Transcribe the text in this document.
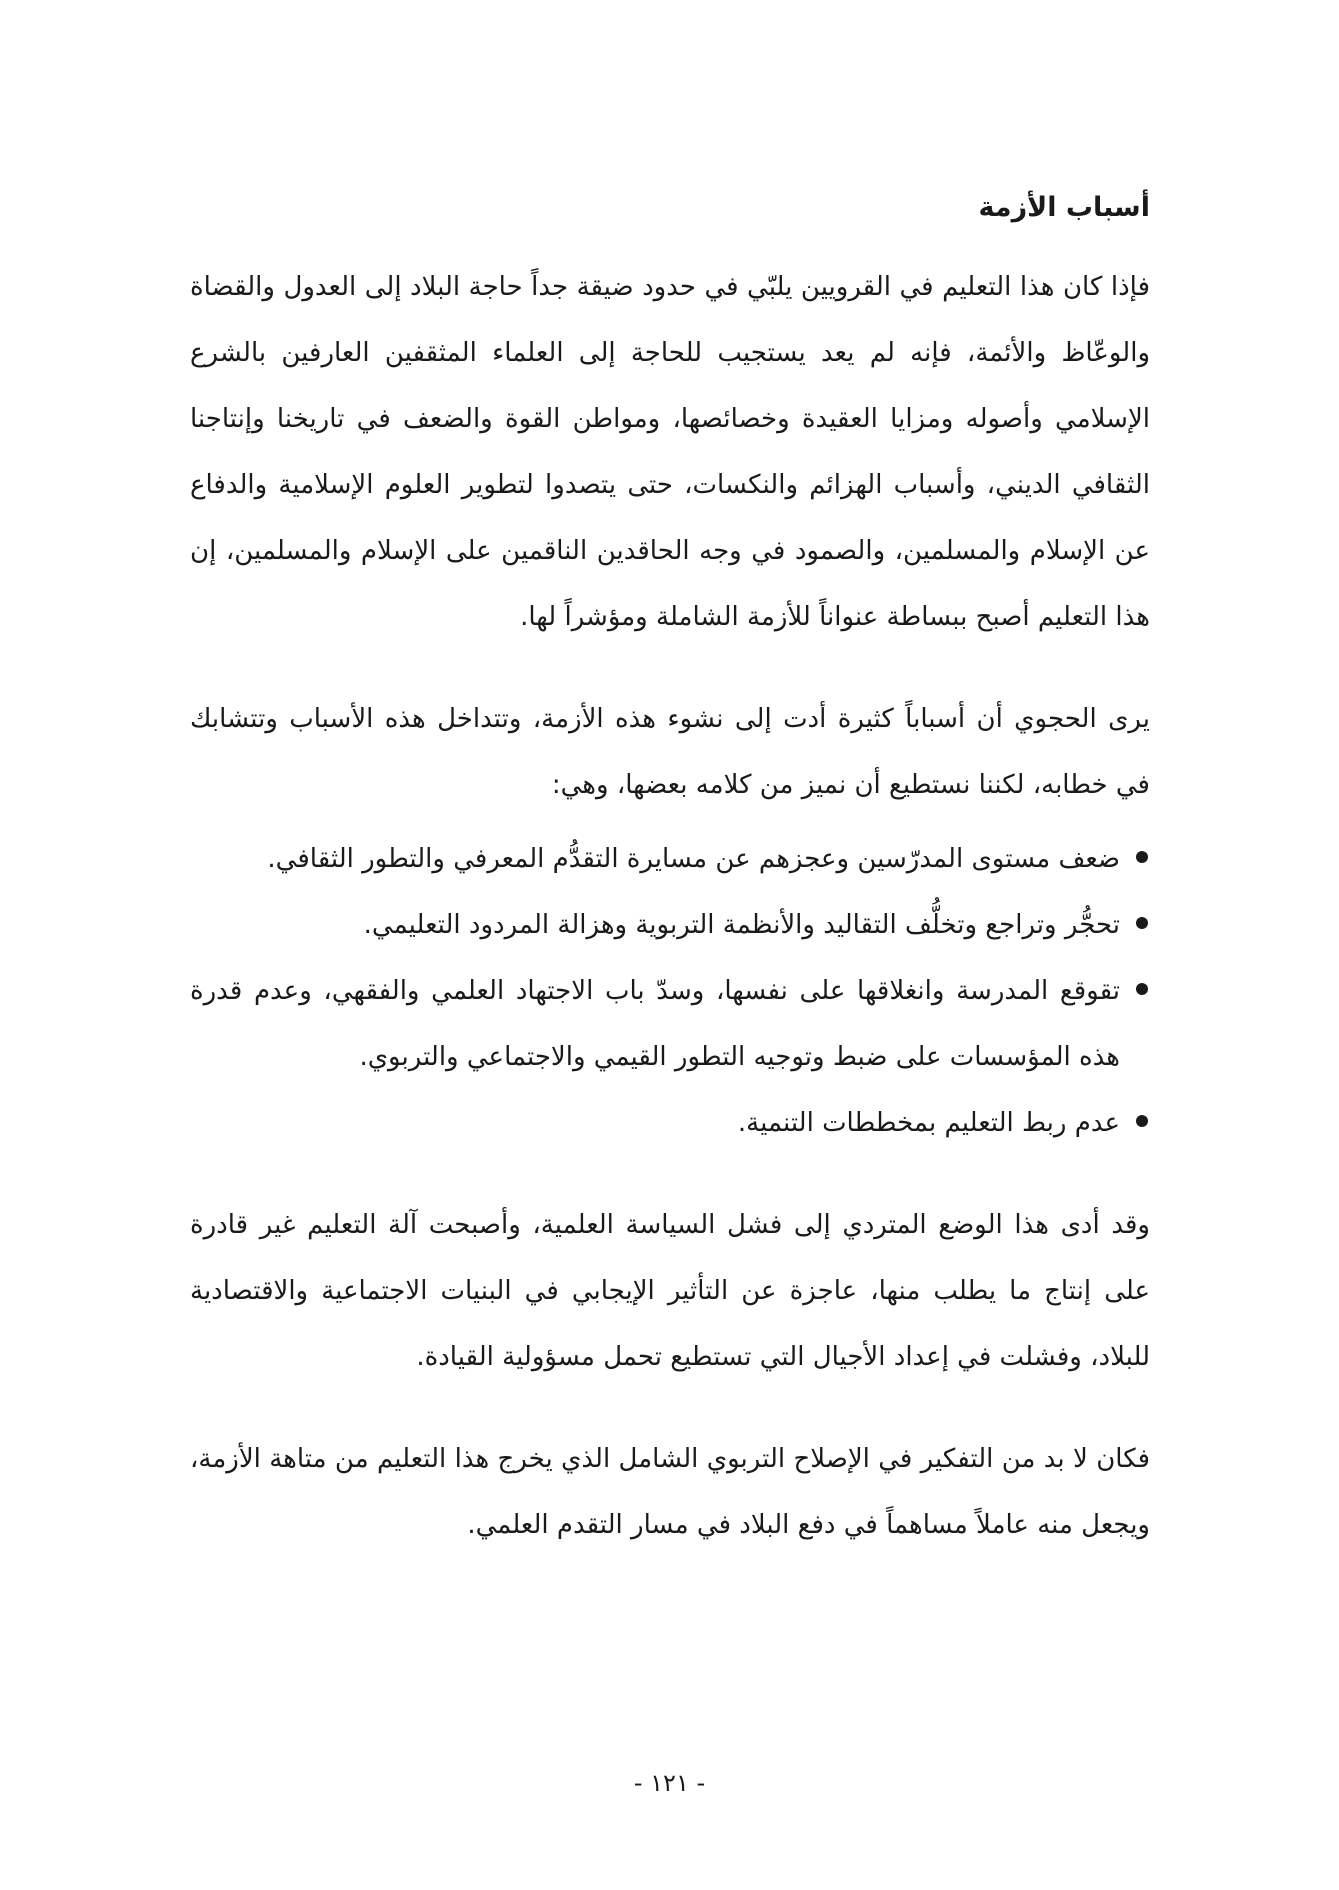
أسباب الأزمة

فإذا كان هذا التعليم في القرويين يلبّي في حدود ضيقة جداً حاجة البلاد إلى العدول والقضاة والوعّاظ والأئمة، فإنه لم يعد يستجيب للحاجة إلى العلماء المثقفين العارفين بالشرع الإسلامي وأصوله ومزايا العقيدة وخصائصها، ومواطن القوة والضعف في تاريخنا وإنتاجنا الثقافي الديني، وأسباب الهزائم والنكسات، حتى يتصدوا لتطوير العلوم الإسلامية والدفاع عن الإسلام والمسلمين، والصمود في وجه الحاقدين الناقمين على الإسلام والمسلمين، إن هذا التعليم أصبح ببساطة عنواناً للأزمة الشاملة ومؤشراً لها.

يرى الحجوي أن أسباباً كثيرة أدت إلى نشوء هذه الأزمة، وتتداخل هذه الأسباب وتتشابك في خطابه، لكننا نستطيع أن نميز من كلامه بعضها، وهي:

ضعف مستوى المدرّسين وعجزهم عن مسايرة التقدُّم المعرفي والتطور الثقافي.
تحجُّر وتراجع وتخلُّف التقاليد والأنظمة التربوية وهزالة المردود التعليمي.
تقوقع المدرسة وانغلاقها على نفسها، وسدّ باب الاجتهاد العلمي والفقهي، وعدم قدرة هذه المؤسسات على ضبط وتوجيه التطور القيمي والاجتماعي والتربوي.
عدم ربط التعليم بمخططات التنمية.

وقد أدى هذا الوضع المتردي إلى فشل السياسة العلمية، وأصبحت آلة التعليم غير قادرة على إنتاج ما يطلب منها، عاجزة عن التأثير الإيجابي في البنيات الاجتماعية والاقتصادية للبلاد، وفشلت في إعداد الأجيال التي تستطيع تحمل مسؤولية القيادة.

فكان لا بد من التفكير في الإصلاح التربوي الشامل الذي يخرج هذا التعليم من متاهة الأزمة، ويجعل منه عاملاً مساهماً في دفع البلاد في مسار التقدم العلمي.

- ١٢١ -
